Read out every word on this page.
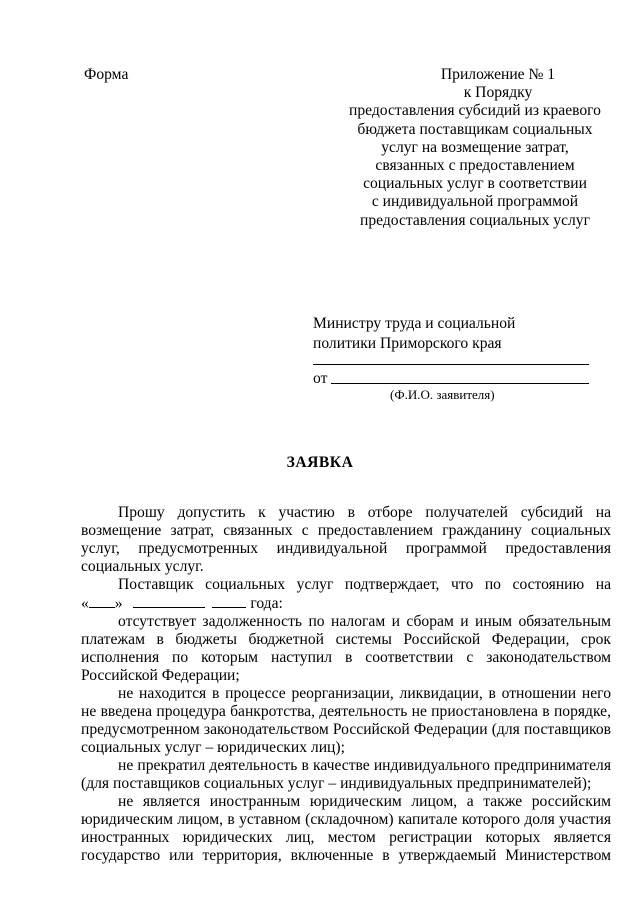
Форма	Приложение № 1
к Порядку
предоставления субсидий из краевого
бюджета поставщикам социальных
услуг на возмещение затрат,
связанных с предоставлением
социальных услуг в соответствии
с индивидуальной программой
предоставления социальных услуг
Министру труда и социальной
политики Приморского края
от
(Ф.И.О. заявителя)
ЗАЯВКА

Прошу допустить к участию в отборе получателей субсидий на
возмещение затрат, связанных с предоставлением гражданину социальных
услуг, предусмотренных индивидуальной программой предоставления
социальных услуг.

Поставщик социальных услуг подтверждает, что по состоянию на

« »	года:

отсутствует задолженность по налогам и сборам и иным обязательным
платежам в бюджеты бюджетной системы Российской Федерации, срок
исполнения по которым наступил в соответствии с законодательством
Российской Федерации;

не находится в процессе реорганизации, ликвидации, в отношении него
не введена процедура банкротства, деятельность не приостановлена в порядке,
предусмотренном законодательством Российской Федерации (для поставщиков
социальных услуг – юридических лиц);

не прекратил деятельность в качестве индивидуального предпринимателя
(для поставщиков социальных услуг – индивидуальных предпринимателей);

не является иностранным юридическим лицом, а также российским
юридическим лицом, в уставном (складочном) капитале которого доля участия
иностранных юридических лиц, местом регистрации которых является
государство или территория, включенные в утверждаемый Министерством
